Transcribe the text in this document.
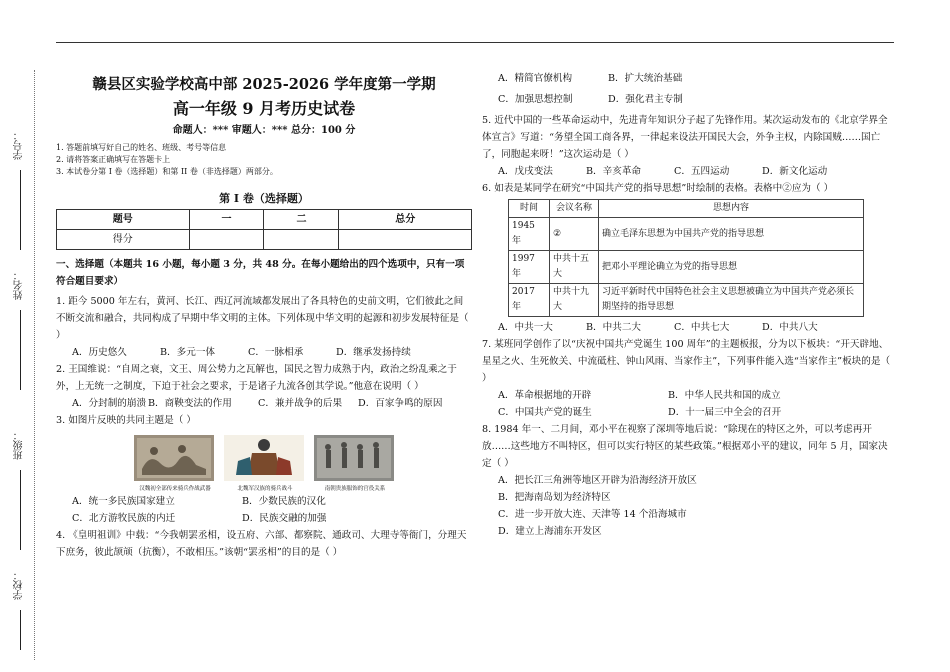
学号：
姓名：
班级：
学校：
赣县区实验学校高中部 2025-2026 学年度第一学期
高一年级 9 月考历史试卷
命题人：*** 审题人：*** 总分：100 分
1. 答题前填写好自己的姓名、班级、考号等信息
2. 请将答案正确填写在答题卡上
3. 本试卷分第 I 卷（选择题）和第 II 卷（非选择题）两部分。
第 I 卷（选择题）
题号	一	二	总分
得分			
一、选择题（本题共 16 小题，每小题 3 分，共 48 分。在每小题给出的四个选项中，只有一项符合题目要求）
1. 距今 5000 年左右，黄河、长江、西辽河流域都发展出了各具特色的史前文明，它们彼此之间不断交流和融合，共同构成了早期中华文明的主体。下列体现中华文明的起源和初步发展特征是（ ）
A．历史悠久	B．多元一体	C．一脉相承	D．继承发扬持续
2. 王国维说：“自周之衰，文王、周公势力之瓦解也，国民之智力成熟于内，政治之纷乱乘之于外，上无统一之制度，下迫于社会之要求，于是诸子九流各创其学说。”他意在说明（ ）
A．分封制的崩溃 B．商鞅变法的作用	C．兼并战争的后果	D．百家争鸣的原因
3. 如图片反映的共同主题是（ ）
汉魏初全部传来骑兵作战武器	北魏军汉族的骑兵战斗	南朝贵族服饰的官役关系
A．统一多民族国家建立	B．少数民族的汉化
C．北方游牧民族的内迁	D．民族交融的加强
4. 《皇明祖训》中载：“今我朝罢丞相，设五府、六部、都察院、通政司、大理寺等衙门，分理天下庶务，彼此颉颃（抗衡），不敢相压。”该朝“罢丞相”的目的是（ ）
A．精简官僚机构	B．扩大统治基础
C．加强思想控制	D．强化君主专制
5. 近代中国的一些革命运动中，先进青年知识分子起了先锋作用。某次运动发布的《北京学界全体宣言》写道：“务望全国工商各界，一律起来设法开国民大会，外争主权，内除国贼……国亡了，同胞起来呀！”这次运动是（ ）
A．戊戌变法	B．辛亥革命	C．五四运动	D．新文化运动
6. 如表是某同学在研究“中国共产党的指导思想”时绘制的表格。表格中②应为（ ）
时间	会议名称	思想内容
1945 年	②	确立毛泽东思想为中国共产党的指导思想
1997 年	中共十五大	把邓小平理论确立为党的指导思想
2017 年	中共十九大	习近平新时代中国特色社会主义思想被确立为中国共产党必须长期坚持的指导思想
A．中共一大	B．中共二大	C．中共七大	D．中共八大
7. 某班同学创作了以“庆祝中国共产党诞生 100 周年”的主题板报，分为以下板块：“开天辟地、星星之火、生死攸关、中流砥柱、钟山风雨、当家作主”，下列事件能入选“当家作主”板块的是（ ）
A．革命根据地的开辟	B．中华人民共和国的成立
C．中国共产党的诞生	D．十一届三中全会的召开
8. 1984 年一、二月间，邓小平在视察了深圳等地后说：“除现在的特区之外，可以考虑再开放……这些地方不叫特区，但可以实行特区的某些政策。”根据邓小平的建议，同年 5 月，国家决定（ ）
A．把长江三角洲等地区开辟为沿海经济开放区
B．把海南岛划为经济特区
C．进一步开放大连、天津等 14 个沿海城市
D．建立上海浦东开发区
